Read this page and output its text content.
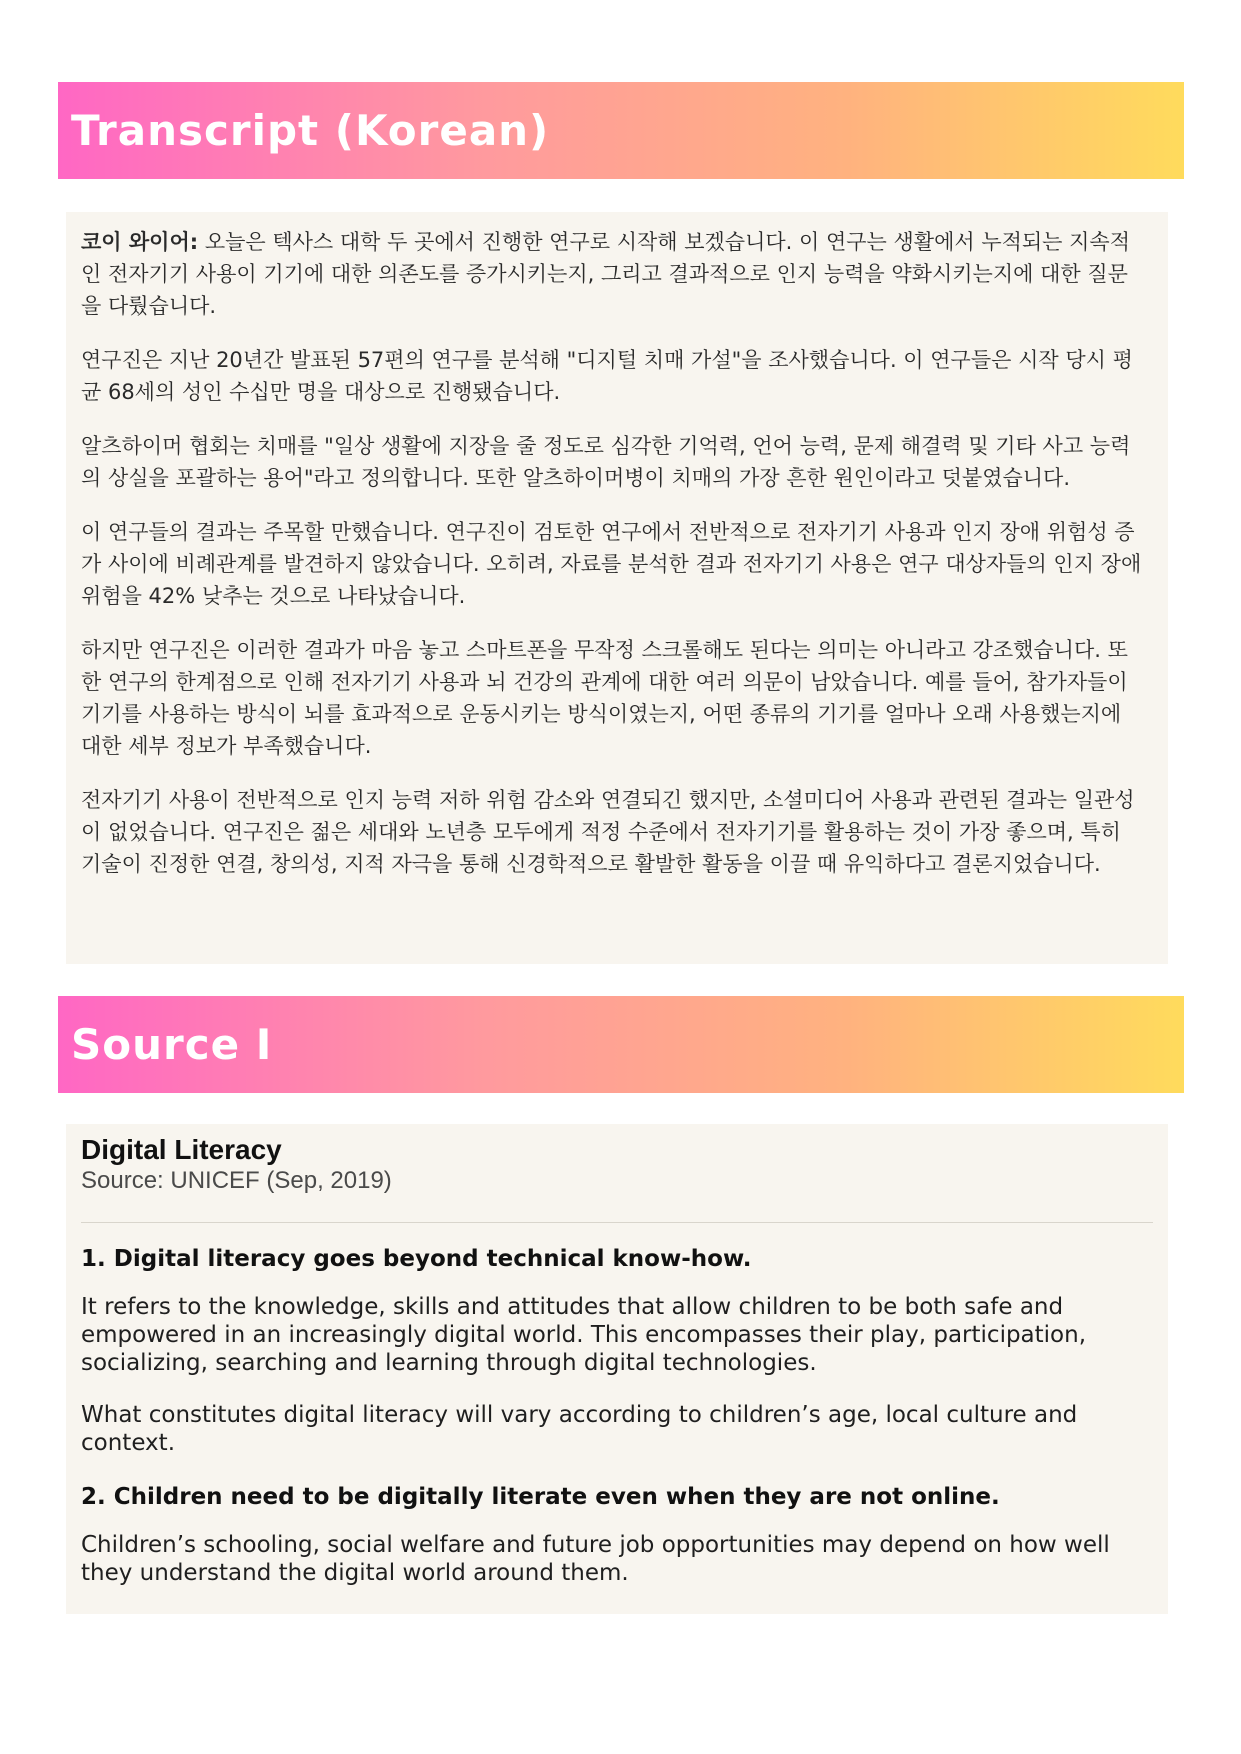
Transcript (Korean)

코이 와이어: 오늘은 텍사스 대학 두 곳에서 진행한 연구로 시작해 보겠습니다. 이 연구는 생활에서 누적되는 지속적인 전자기기 사용이 기기에 대한 의존도를 증가시키는지, 그리고 결과적으로 인지 능력을 약화시키는지에 대한 질문을 다뤘습니다.

연구진은 지난 20년간 발표된 57편의 연구를 분석해 "디지털 치매 가설"을 조사했습니다. 이 연구들은 시작 당시 평균 68세의 성인 수십만 명을 대상으로 진행됐습니다.

알츠하이머 협회는 치매를 "일상 생활에 지장을 줄 정도로 심각한 기억력, 언어 능력, 문제 해결력 및 기타 사고 능력의 상실을 포괄하는 용어"라고 정의합니다. 또한 알츠하이머병이 치매의 가장 흔한 원인이라고 덧붙였습니다.

이 연구들의 결과는 주목할 만했습니다. 연구진이 검토한 연구에서 전반적으로 전자기기 사용과 인지 장애 위험성 증가 사이에 비례관계를 발견하지 않았습니다. 오히려, 자료를 분석한 결과 전자기기 사용은 연구 대상자들의 인지 장애 위험을 42% 낮추는 것으로 나타났습니다.

하지만 연구진은 이러한 결과가 마음 놓고 스마트폰을 무작정 스크롤해도 된다는 의미는 아니라고 강조했습니다. 또한 연구의 한계점으로 인해 전자기기 사용과 뇌 건강의 관계에 대한 여러 의문이 남았습니다. 예를 들어, 참가자들이 기기를 사용하는 방식이 뇌를 효과적으로 운동시키는 방식이였는지, 어떤 종류의 기기를 얼마나 오래 사용했는지에 대한 세부 정보가 부족했습니다.

전자기기 사용이 전반적으로 인지 능력 저하 위험 감소와 연결되긴 했지만, 소셜미디어 사용과 관련된 결과는 일관성이 없었습니다. 연구진은 젊은 세대와 노년층 모두에게 적정 수준에서 전자기기를 활용하는 것이 가장 좋으며, 특히 기술이 진정한 연결, 창의성, 지적 자극을 통해 신경학적으로 활발한 활동을 이끌 때 유익하다고 결론지었습니다.

Source I

Digital Literacy

Source: UNICEF (Sep, 2019)

1. Digital literacy goes beyond technical know-how.

It refers to the knowledge, skills and attitudes that allow children to be both safe and empowered in an increasingly digital world. This encompasses their play, participation, socializing, searching and learning through digital technologies.

What constitutes digital literacy will vary according to children’s age, local culture and context.

2. Children need to be digitally literate even when they are not online.

Children’s schooling, social welfare and future job opportunities may depend on how well they understand the digital world around them.
